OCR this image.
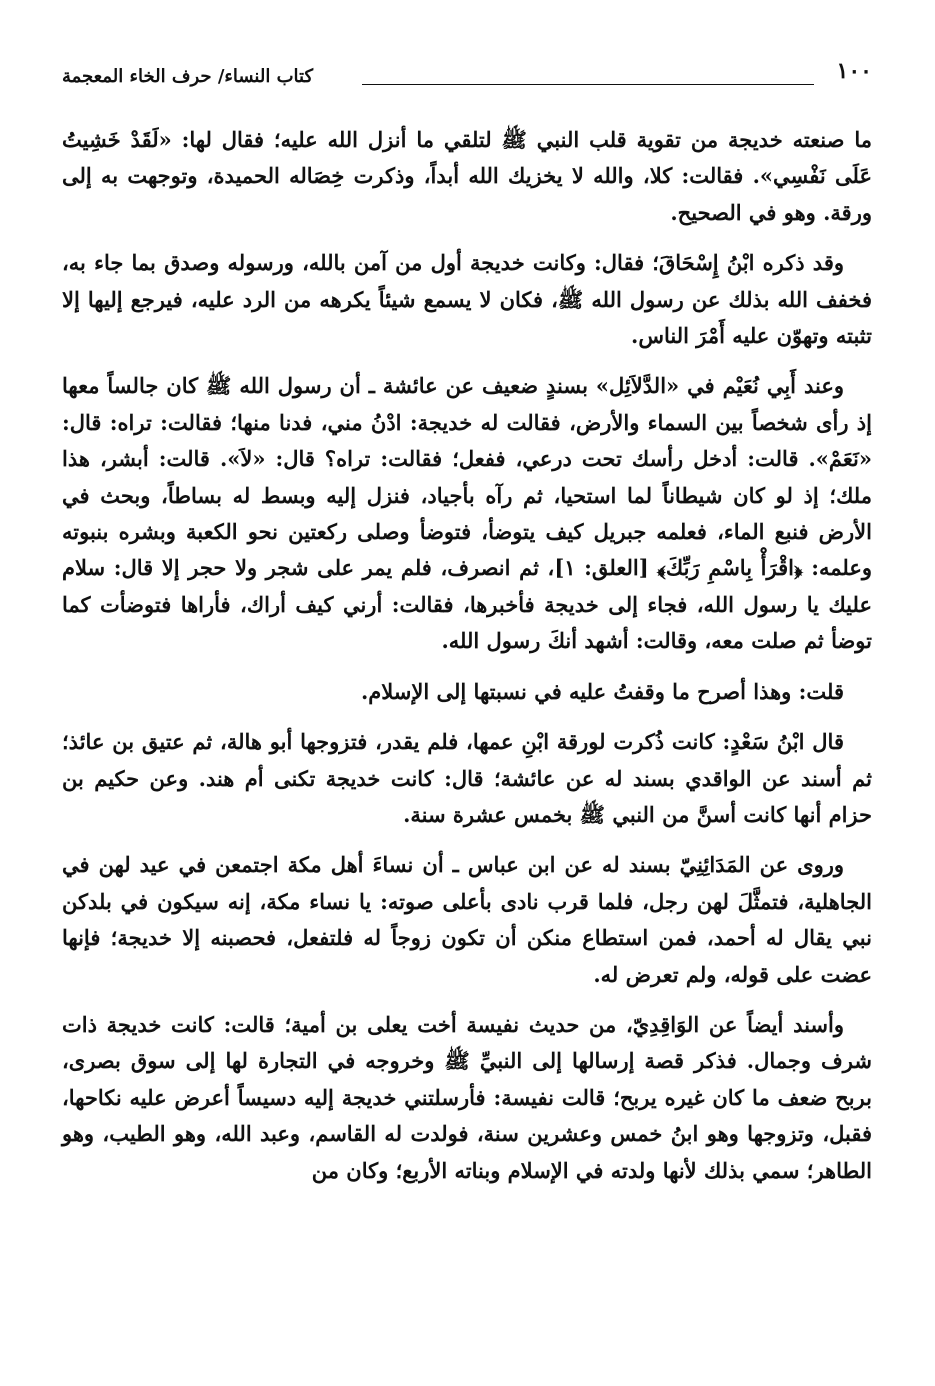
١٠٠
كتاب النساء/ حرف الخاء المعجمة

ما صنعته خديجة من تقوية قلب النبي ﷺ لتلقي ما أنزل الله عليه؛ فقال لها: «لَقَدْ خَشِيتُ عَلَى نَفْسِي». فقالت: كلا، والله لا يخزيك الله أبداً، وذكرت خِصَاله الحميدة، وتوجهت به إلى ورقة. وهو في الصحيح.

وقد ذكره ابْنُ إِسْحَاقَ؛ فقال: وكانت خديجة أول من آمن بالله، ورسوله وصدق بما جاء به، فخفف الله بذلك عن رسول الله ﷺ، فكان لا يسمع شيئاً يكرهه من الرد عليه، فيرجع إليها إلا تثبته وتهوّن عليه أَمْرَ الناس.

وعند أَبِي نُعَيْم في «الدَّلاَئِل» بسندٍ ضعيف عن عائشة ـ أن رسول الله ﷺ كان جالساً معها إذ رأى شخصاً بين السماء والأرض، فقالت له خديجة: ادْنُ مني، فدنا منها؛ فقالت: تراه: قال: «نَعَمْ». قالت: أدخل رأسك تحت درعي، ففعل؛ فقالت: تراه؟ قال: «لاَ». قالت: أبشر، هذا ملك؛ إذ لو كان شيطاناً لما استحيا، ثم رآه بأجياد، فنزل إليه وبسط له بساطاً، وبحث في الأرض فنبع الماء، فعلمه جبريل كيف يتوضأ، فتوضأ وصلى ركعتين نحو الكعبة وبشره بنبوته وعلمه: ﴿اقْرَأْ بِاسْمِ رَبِّكَ﴾ [العلق: ١]، ثم انصرف، فلم يمر على شجر ولا حجر إلا قال: سلام عليك يا رسول الله، فجاء إلى خديجة فأخبرها، فقالت: أرني كيف أراك، فأراها فتوضأت كما توضأ ثم صلت معه، وقالت: أشهد أنكَ رسول الله.

قلت: وهذا أصرح ما وقفتُ عليه في نسبتها إلى الإسلام.

قال ابْنُ سَعْدٍ: كانت ذُكرت لورقة ابْنِ عمها، فلم يقدر، فتزوجها أبو هالة، ثم عتيق بن عائذ؛ ثم أسند عن الواقدي بسند له عن عائشة؛ قال: كانت خديجة تكنى أم هند. وعن حكيم بن حزام أنها كانت أسنَّ من النبي ﷺ بخمس عشرة سنة.

وروى عن المَدَائِنِيّ بسند له عن ابن عباس ـ أن نساءَ أهل مكة اجتمعن في عيد لهن في الجاهلية، فتمثَّلَ لهن رجل، فلما قرب نادى بأعلى صوته: يا نساء مكة، إنه سيكون في بلدكن نبي يقال له أحمد، فمن استطاع منكن أن تكون زوجاً له فلتفعل، فحصبنه إلا خديجة؛ فإنها عضت على قوله، ولم تعرض له.

وأسند أيضاً عن الوَاقِدِيّ، من حديث نفيسة أخت يعلى بن أمية؛ قالت: كانت خديجة ذات شرف وجمال. فذكر قصة إرسالها إلى النبيِّ ﷺ وخروجه في التجارة لها إلى سوق بصرى، بربح ضعف ما كان غيره يربح؛ قالت نفيسة: فأرسلتني خديجة إليه دسيساً أعرض عليه نكاحها، فقبل، وتزوجها وهو ابنُ خمس وعشرين سنة، فولدت له القاسم، وعبد الله، وهو الطيب، وهو الطاهر؛ سمي بذلك لأنها ولدته في الإسلام وبناته الأربع؛ وكان من
